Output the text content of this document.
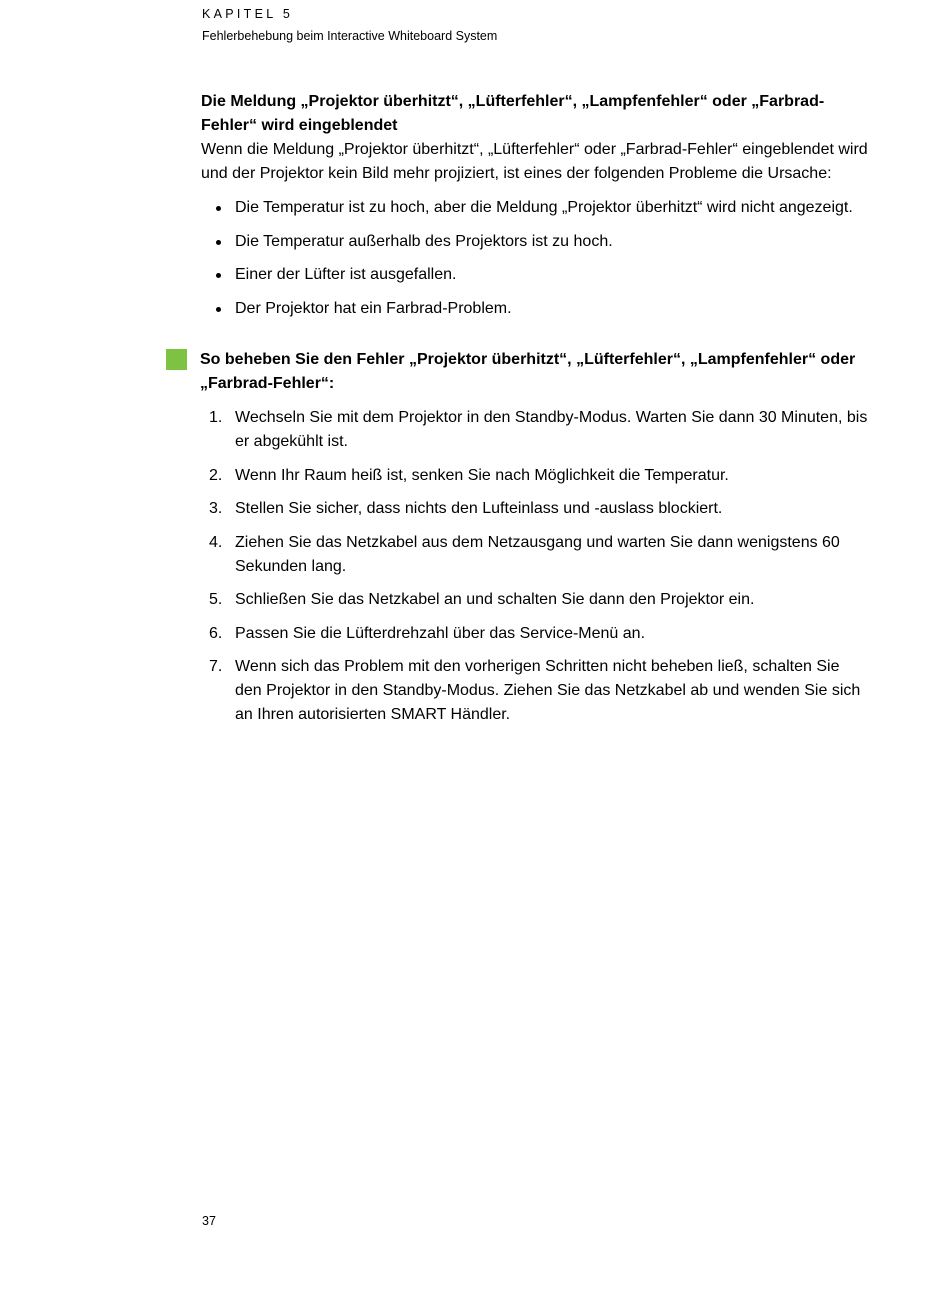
KAPITEL 5
Fehlerbehebung beim Interactive Whiteboard System
Die Meldung „Projektor überhitzt“, „Lüfterfehler“, „Lampfenfehler“ oder „Farbrad-Fehler“ wird eingeblendet

Wenn die Meldung „Projektor überhitzt“, „Lüfterfehler“ oder „Farbrad-Fehler“ eingeblendet wird und der Projektor kein Bild mehr projiziert, ist eines der folgenden Probleme die Ursache:

Die Temperatur ist zu hoch, aber die Meldung „Projektor überhitzt“ wird nicht angezeigt.
Die Temperatur außerhalb des Projektors ist zu hoch.
Einer der Lüfter ist ausgefallen.
Der Projektor hat ein Farbrad-Problem.
So beheben Sie den Fehler „Projektor überhitzt“, „Lüfterfehler“, „Lampfenfehler“ oder „Farbrad-Fehler“:
1. Wechseln Sie mit dem Projektor in den Standby-Modus. Warten Sie dann 30 Minuten, bis er abgekühlt ist.
2. Wenn Ihr Raum heiß ist, senken Sie nach Möglichkeit die Temperatur.
3. Stellen Sie sicher, dass nichts den Lufteinlass und -auslass blockiert.
4. Ziehen Sie das Netzkabel aus dem Netzausgang und warten Sie dann wenigstens 60 Sekunden lang.
5. Schließen Sie das Netzkabel an und schalten Sie dann den Projektor ein.
6. Passen Sie die Lüfterdrehzahl über das Service-Menü an.
7. Wenn sich das Problem mit den vorherigen Schritten nicht beheben ließ, schalten Sie den Projektor in den Standby-Modus. Ziehen Sie das Netzkabel ab und wenden Sie sich an Ihren autorisierten SMART Händler.
37
